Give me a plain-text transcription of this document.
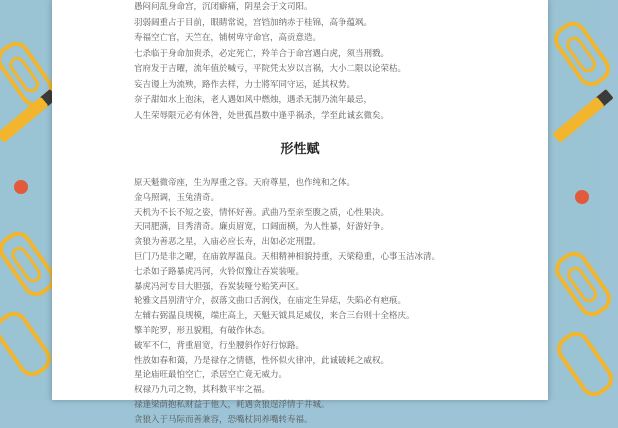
愚闷问乱身命宫，沉闭癖痛，阴星会于文司阳。

羽弱阔重占于目前，眼睛常说，宫铛加纳赤于桂锦，高争蕴飒。

寿福空亡官，天竺在，铺树卑守命官，高贡意造。

七杀临于身命加贵杀，必定死亡，羚羊合于命宫遇白虎，须当刑戮。

官府发于吉曜，流年值於喊亏，平院凭太岁以言祸，大小二限以论荣枯。

妄吉谩上为流殃，路作去样，力士將军同守运，延其权势。

奈子甜如水上泡沫，老人遇如风中燃烛，遇杀无制乃流年最忌，

人生荣辱限元必有休咎，处世孤昌数中逢乎祸杀，学至此诚玄微矣。

形性赋

原天魁微帝座，生为厚重之容。天府尊星，也作纯和之体。

金乌照调，玉兔清奇。

天机为不长不短之姿，情怀好善。武曲乃至亲至腹之质，心性果决。

天同肥满，目秀清奇。廉贞眉宽，口阔面横，为人性暴，好游好争。

贪狼为善恶之星，入庙必应长寿，出如必定刑盟。

巨门乃是非之曜，在庙敦厚温良。天相精神相貌持重，天梁稳重，心事玉洁冰清。

七杀如子路暴虎冯河，火铃似豫让吞炭装哑。

暴虎冯河专目大胆强，吞炭装哑兮贻笑声区。

轮雅文昌别清守介，叔落文曲口舌润伐，在庙定生异痣，失陷必有疤痕。

左辅右弼温良规模，端庄高上，天魁天钺具足威仪，来合三台则十全格庆。

擎羊陀罗，形丑貌粗，有破作休态。

破军不仁，背重眉宽，行坐腰斜作好行惊路。

性放如春和蔼，乃是禄存之情德，性怀似火律冲，此诚破耗之威权。

星论庙旺最怕空亡，杀居空亡竟无威力。

权禄乃九司之物，其科数平牢之福。

禄逢梁荫抱私财益于他人，耗遇贪狼逞浮情于井城。

贪狼入于马际而善兼容，恐嘴杖同养嘴转寿福。
